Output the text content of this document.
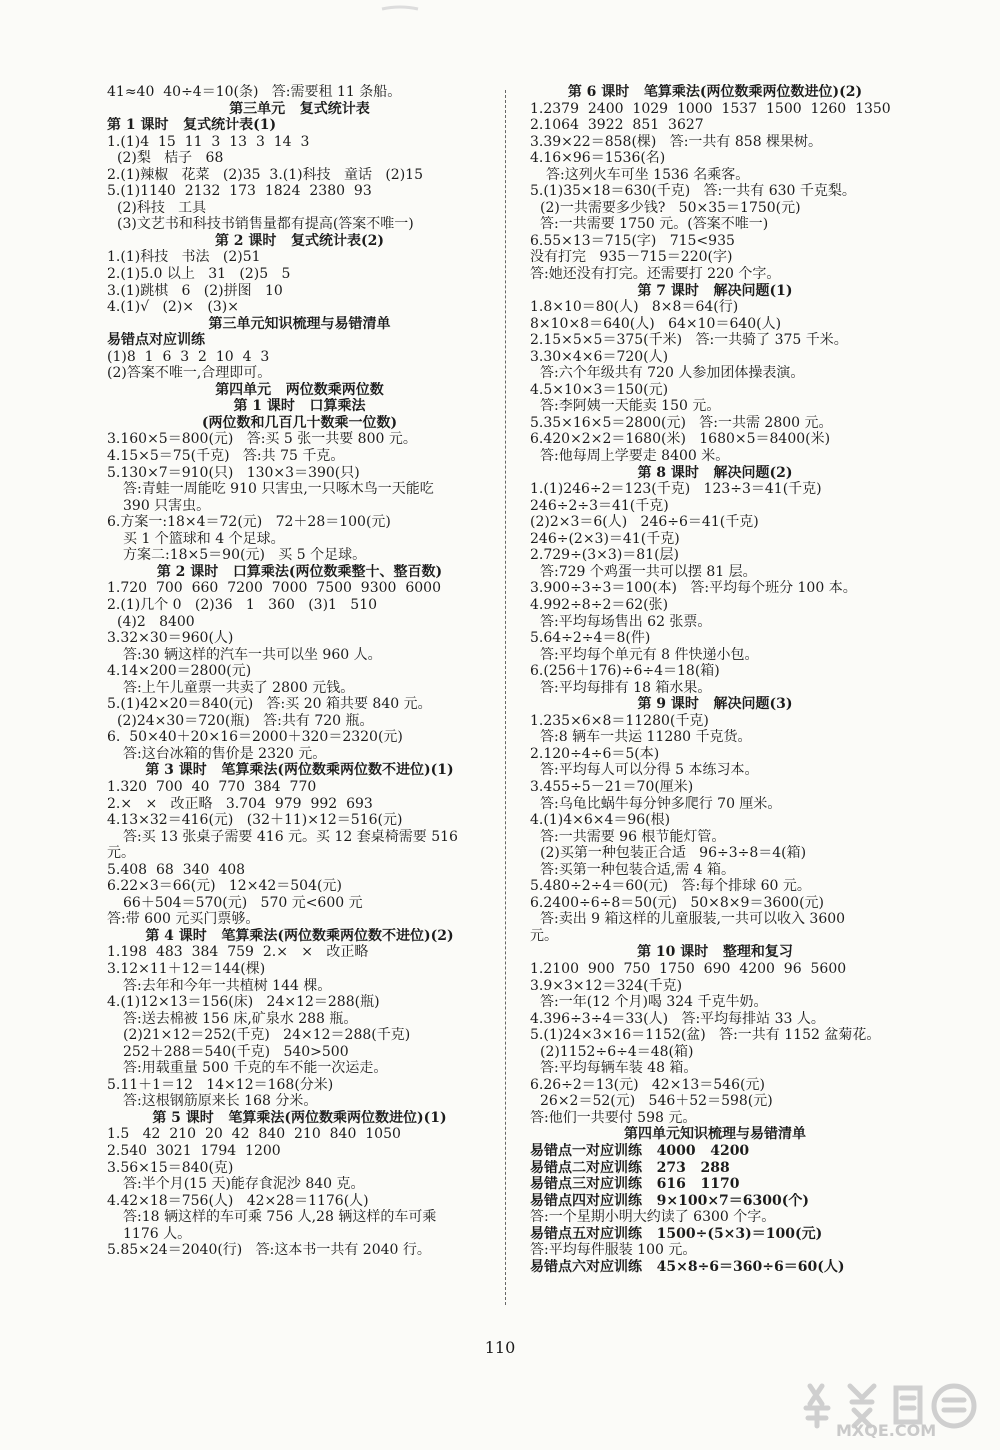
41≈40  40÷4＝10(条)   答:需要租 11 条船。
第三单元   复式统计表
第 1 课时   复式统计表(1)
1.(1)4  15  11  3  13  3  14  3
(2)梨   桔子   68
2.(1)辣椒   花菜   (2)35  3.(1)科技   童话   (2)15
5.(1)1140  2132  173  1824  2380  93
(2)科技   工具
(3)文艺书和科技书销售量都有提高(答案不唯一)
第 2 课时   复式统计表(2)
1.(1)科技   书法   (2)51
2.(1)5.0 以上   31   (2)5   5
3.(1)跳棋   6   (2)拼图   10
4.(1)√   (2)×   (3)×
第三单元知识梳理与易错清单
易错点对应训练
(1)8  1  6  3  2  10  4  3
(2)答案不唯一,合理即可。
第四单元   两位数乘两位数
第 1 课时   口算乘法
(两位数和几百几十数乘一位数)
3.160×5＝800(元)   答:买 5 张一共要 800 元。
4.15×5＝75(千克)   答:共 75 千克。
5.130×7＝910(只)   130×3＝390(只)
答:青蛙一周能吃 910 只害虫,一只啄木鸟一天能吃
390 只害虫。
6.方案一:18×4＝72(元)   72＋28＝100(元)
买 1 个篮球和 4 个足球。
方案二:18×5＝90(元)   买 5 个足球。
第 2 课时   口算乘法(两位数乘整十、整百数)
1.720  700  660  7200  7000  7500  9300  6000
2.(1)几个 0   (2)36   1   360   (3)1   510
(4)2   8400
3.32×30＝960(人)
答:30 辆这样的汽车一共可以坐 960 人。
4.14×200＝2800(元)
答:上午儿童票一共卖了 2800 元钱。
5.(1)42×20＝840(元)   答:买 20 箱共要 840 元。
(2)24×30＝720(瓶)   答:共有 720 瓶。
6.  50×40＋20×16＝2000＋320＝2320(元)
答:这台冰箱的售价是 2320 元。
第 3 课时   笔算乘法(两位数乘两位数不进位)(1)
1.320  700  40  770  384  770
2.×   ×   改正略   3.704  979  992  693
4.13×32＝416(元)   (32＋11)×12＝516(元)
答:买 13 张桌子需要 416 元。买 12 套桌椅需要 516
元。
5.408  68  340  408
6.22×3＝66(元)   12×42＝504(元)
66＋504＝570(元)   570 元<600 元
答:带 600 元买门票够。
第 4 课时   笔算乘法(两位数乘两位数不进位)(2)
1.198  483  384  759  2.×   ×   改正略
3.12×11＋12＝144(棵)
答:去年和今年一共植树 144 棵。
4.(1)12×13＝156(床)   24×12＝288(瓶)
答:送去棉被 156 床,矿泉水 288 瓶。
(2)21×12＝252(千克)   24×12＝288(千克)
252＋288＝540(千克)   540>500
答:用载重量 500 千克的车不能一次运走。
5.11＋1＝12   14×12＝168(分米)
答:这根钢筋原来长 168 分米。
第 5 课时   笔算乘法(两位数乘两位数进位)(1)
1.5   42  210  20  42  840  210  840  1050
2.540  3021  1794  1200
3.56×15＝840(克)
答:半个月(15 天)能存食泥沙 840 克。
4.42×18＝756(人)   42×28＝1176(人)
答:18 辆这样的车可乘 756 人,28 辆这样的车可乘
1176 人。
5.85×24＝2040(行)   答:这本书一共有 2040 行。
第 6 课时   笔算乘法(两位数乘两位数进位)(2)
1.2379  2400  1029  1000  1537  1500  1260  1350
2.1064  3922  851  3627
3.39×22＝858(棵)   答:一共有 858 棵果树。
4.16×96＝1536(名)
答:这列火车可坐 1536 名乘客。
5.(1)35×18＝630(千克)   答:一共有 630 千克梨。
(2)一共需要多少钱?   50×35＝1750(元)
答:一共需要 1750 元。(答案不唯一)
6.55×13＝715(字)   715<935
没有打完   935－715＝220(字)
答:她还没有打完。还需要打 220 个字。
第 7 课时   解决问题(1)
1.8×10＝80(人)   8×8＝64(行)
8×10×8＝640(人)   64×10＝640(人)
2.15×5×5＝375(千米)   答:一共骑了 375 千米。
3.30×4×6＝720(人)
答:六个年级共有 720 人参加团体操表演。
4.5×10×3＝150(元)
答:李阿姨一天能卖 150 元。
5.35×16×5＝2800(元)   答:一共需 2800 元。
6.420×2×2＝1680(米)   1680×5＝8400(米)
答:他每周上学要走 8400 米。
第 8 课时   解决问题(2)
1.(1)246÷2＝123(千克)   123÷3＝41(千克)
246÷2÷3＝41(千克)
(2)2×3＝6(人)   246÷6＝41(千克)
246÷(2×3)＝41(千克)
2.729÷(3×3)＝81(层)
答:729 个鸡蛋一共可以摆 81 层。
3.900÷3÷3＝100(本)   答:平均每个班分 100 本。
4.992÷8÷2＝62(张)
答:平均每场售出 62 张票。
5.64÷2÷4＝8(件)
答:平均每个单元有 8 件快递小包。
6.(256＋176)÷6÷4＝18(箱)
答:平均每排有 18 箱水果。
第 9 课时   解决问题(3)
1.235×6×8＝11280(千克)
答:8 辆车一共运 11280 千克货。
2.120÷4÷6＝5(本)
答:平均每人可以分得 5 本练习本。
3.455÷5－21＝70(厘米)
答:乌龟比蜗牛每分钟多爬行 70 厘米。
4.(1)4×6×4＝96(根)
答:一共需要 96 根节能灯管。
(2)买第一种包装正合适   96÷3÷8＝4(箱)
答:买第一种包装合适,需 4 箱。
5.480÷2÷4＝60(元)   答:每个排球 60 元。
6.2400÷6÷8＝50(元)   50×8×9＝3600(元)
答:卖出 9 箱这样的儿童服装,一共可以收入 3600
元。
第 10 课时   整理和复习
1.2100  900  750  1750  690  4200  96  5600
3.9×3×12＝324(千克)
答:一年(12 个月)喝 324 千克牛奶。
4.396÷3÷4＝33(人)   答:平均每排站 33 人。
5.(1)24×3×16＝1152(盆)   答:一共有 1152 盆菊花。
(2)1152÷6÷4＝48(箱)
答:平均每辆车装 48 箱。
6.26÷2＝13(元)   42×13＝546(元)
26×2＝52(元)   546＋52＝598(元)
答:他们一共要付 598 元。
第四单元知识梳理与易错清单
易错点一对应训练   4000   4200
易错点二对应训练   273   288
易错点三对应训练   616   1170
易错点四对应训练   9×100×7＝6300(个)
答:一个星期小明大约读了 6300 个字。
易错点五对应训练   1500÷(5×3)＝100(元)
答:平均每件服装 100 元。
易错点六对应训练   45×8÷6＝360÷6＝60(人)
110
MXQE.COM
